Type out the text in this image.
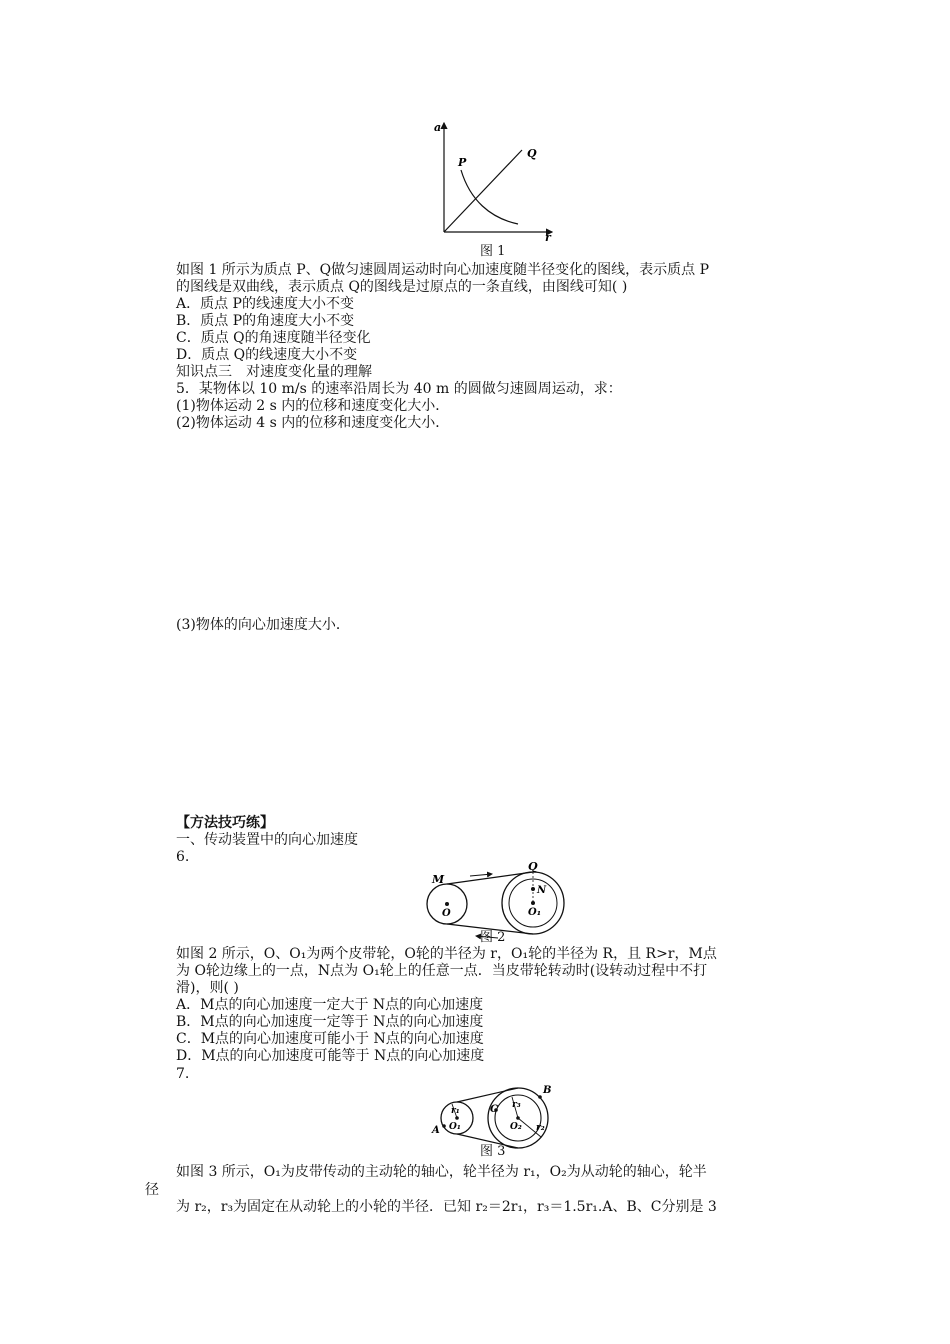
a
r
P
Q
图 1
如图 1 所示为质点 P、Q做匀速圆周运动时向心加速度随半径变化的图线，表示质点 P
的图线是双曲线，表示质点 Q的图线是过原点的一条直线，由图线可知( )
A．质点 P的线速度大小不变
B．质点 P的角速度大小不变
C．质点 Q的角速度随半径变化
D．质点 Q的线速度大小不变
知识点三　对速度变化量的理解
5．某物体以 10 m/s 的速率沿周长为 40 m 的圆做匀速圆周运动，求：
(1)物体运动 2 s 内的位移和速度变化大小．
(2)物体运动 4 s 内的位移和速度变化大小．
(3)物体的向心加速度大小．
【方法技巧练】
一、传动装置中的向心加速度
6.
M
Q
N
O	O₁
图 2
如图 2 所示，O、O₁为两个皮带轮，O轮的半径为 r，O₁轮的半径为 R，且 R>r，M点
为 O轮边缘上的一点，N点为 O₁轮上的任意一点．当皮带轮转动时(设转动过程中不打
滑)，则( )
A．M点的向心加速度一定大于 N点的向心加速度
B．M点的向心加速度一定等于 N点的向心加速度
C．M点的向心加速度可能小于 N点的向心加速度
D．M点的向心加速度可能等于 N点的向心加速度
7.
A
B
C
r₁
r₃
r₂
O₁	O₂
图 3
如图 3 所示，O₁为皮带传动的主动轮的轴心，轮半径为 r₁，O₂为从动轮的轴心，轮半
径
为 r₂，r₃为固定在从动轮上的小轮的半径．已知 r₂＝2r₁，r₃＝1.5r₁.A、B、C分别是 3
